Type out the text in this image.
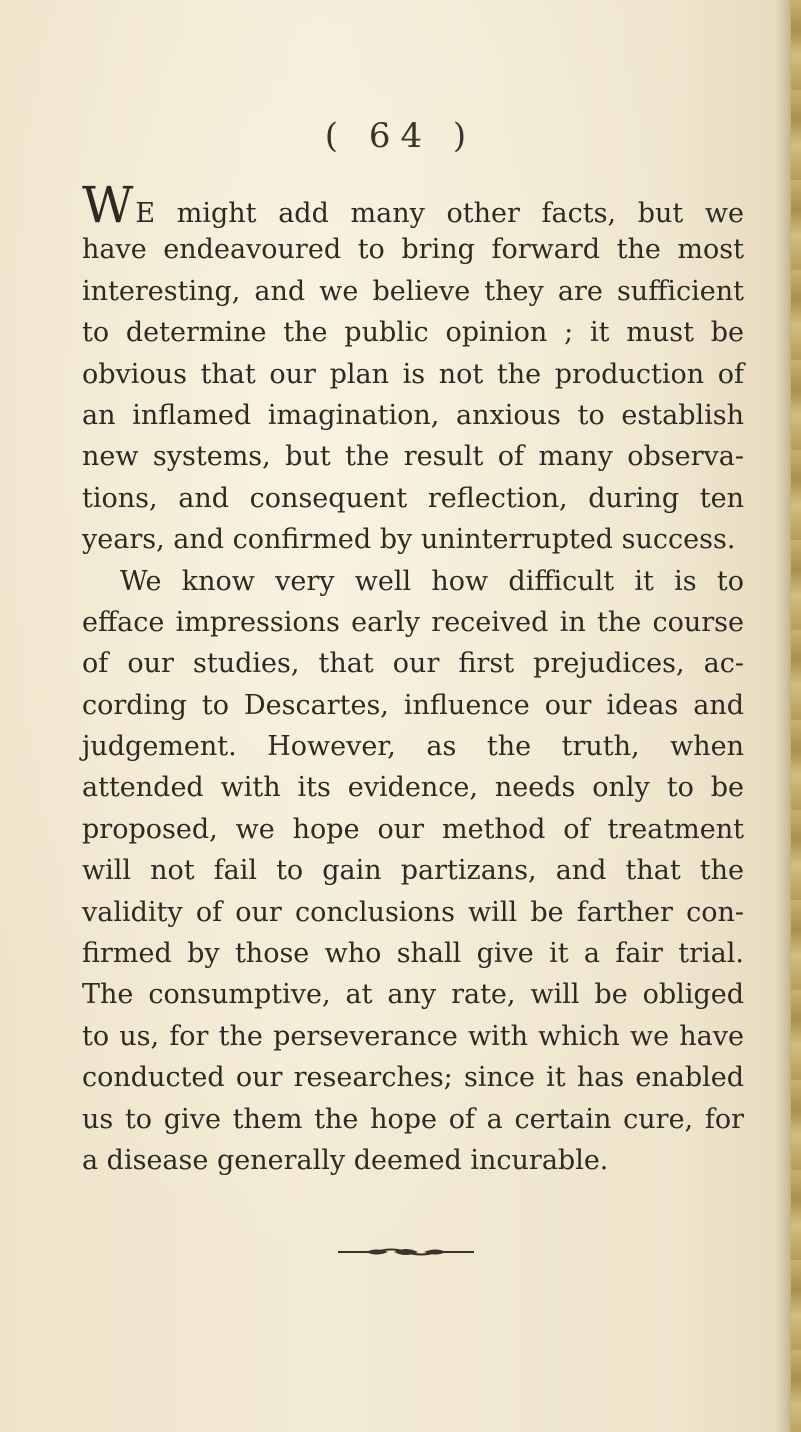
( 64 )

W E might add many other facts, but we
have endeavoured to bring forward the most
interesting, and we believe they are sufficient
to determine the public opinion ; it must be
obvious that our plan is not the production of
an inflamed imagination, anxious to establish
new systems, but the result of many observa-
tions, and consequent reflection, during ten
years, and confirmed by uninterrupted success.
We know very well how difficult it is to
efface impressions early received in the course
of our studies, that our first prejudices, ac-
cording to Descartes, influence our ideas and
judgement. However, as the truth, when
attended with its evidence, needs only to be
proposed, we hope our method of treatment
will not fail to gain partizans, and that the
validity of our conclusions will be farther con-
firmed by those who shall give it a fair trial.
The consumptive, at any rate, will be obliged
to us, for the perseverance with which we have
conducted our researches; since it has enabled
us to give them the hope of a certain cure, for
a disease generally deemed incurable.
